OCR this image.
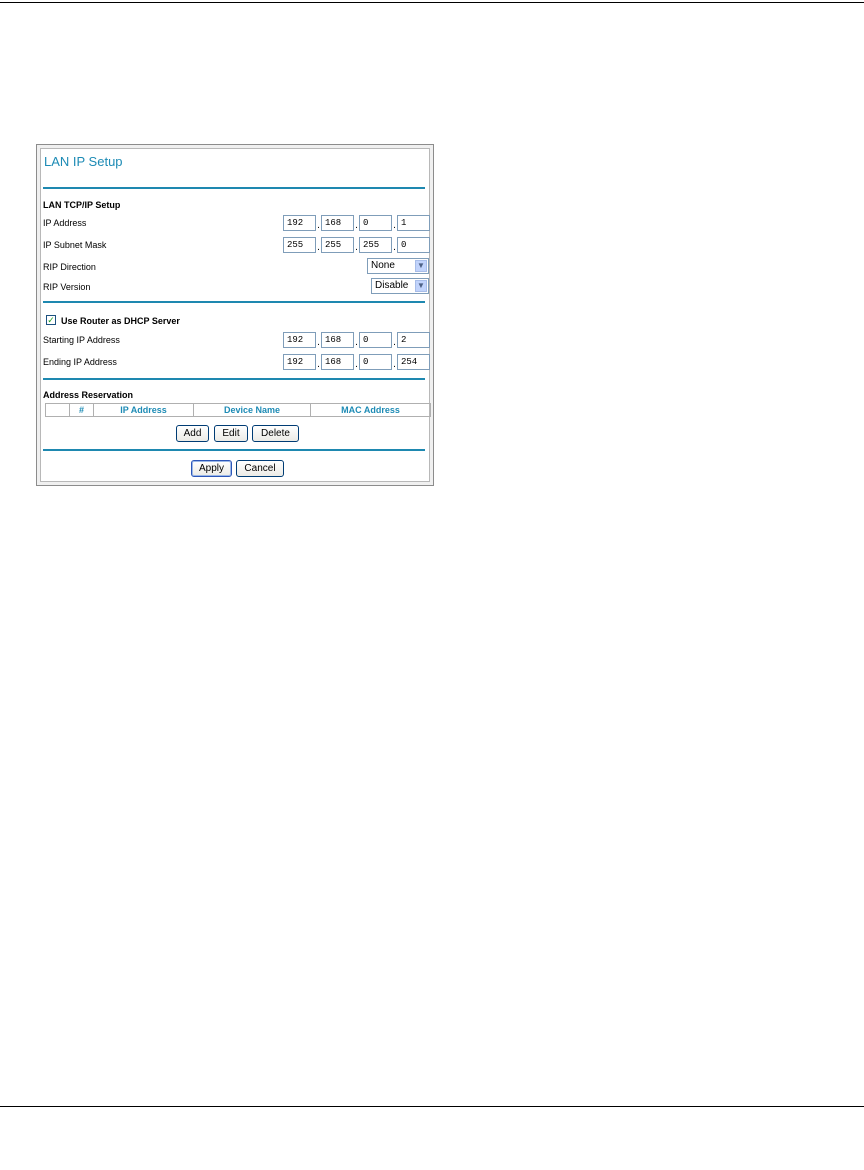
LAN IP Setup
LAN TCP/IP Setup
IP Address	192	. 168	. 0	. 1
IP Subnet Mask	255	. 255	. 255	. 0
RIP Direction	None	▼
RIP Version	Disable ▼
✓ Use Router as DHCP Server
Starting IP Address	192	. 168	. 0	. 2
Ending IP Address	192	. 168	. 0	. 254
Address Reservation
#	IP Address	Device Name	MAC Address
Add	Edit	Delete
Apply	Cancel
